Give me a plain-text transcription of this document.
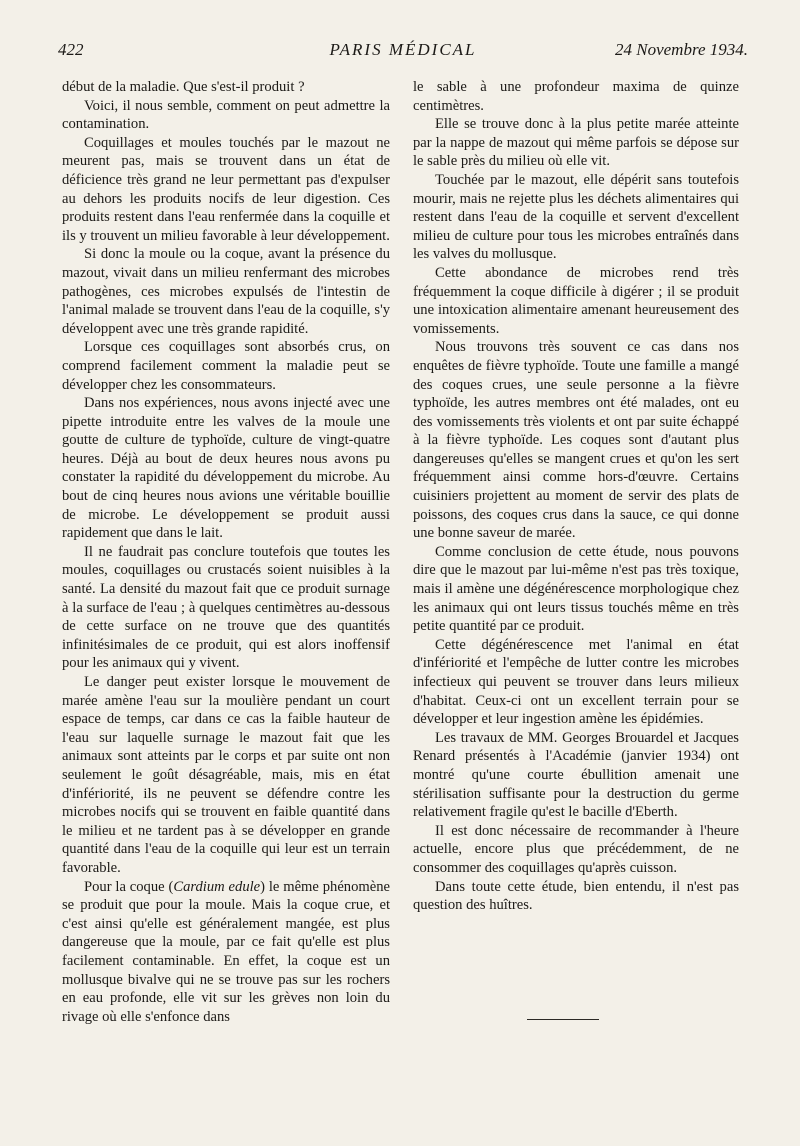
PARIS MÉDICAL
422	24 Novembre 1934.

début de la maladie. Que s'est-il produit ?

Voici, il nous semble, comment on peut admettre la contamination.

Coquillages et moules touchés par le mazout ne meurent pas, mais se trouvent dans un état de déficience très grand ne leur permettant pas d'expulser au dehors les produits nocifs de leur digestion. Ces produits restent dans l'eau renfermée dans la coquille et ils y trouvent un milieu favorable à leur développement.

Si donc la moule ou la coque, avant la présence du mazout, vivait dans un milieu renfermant des microbes pathogènes, ces microbes expulsés de l'intestin de l'animal malade se trouvent dans l'eau de la coquille, s'y développent avec une très grande rapidité.

Lorsque ces coquillages sont absorbés crus, on comprend facilement comment la maladie peut se développer chez les consommateurs.

Dans nos expériences, nous avons injecté avec une pipette introduite entre les valves de la moule une goutte de culture de typhoïde, culture de vingt-quatre heures. Déjà au bout de deux heures nous avons pu constater la rapidité du développement du microbe. Au bout de cinq heures nous avions une véritable bouillie de microbe. Le développement se produit aussi rapidement que dans le lait.

Il ne faudrait pas conclure toutefois que toutes les moules, coquillages ou crustacés soient nuisibles à la santé. La densité du mazout fait que ce produit surnage à la surface de l'eau ; à quelques centimètres au-dessous de cette surface on ne trouve que des quantités infinitésimales de ce produit, qui est alors inoffensif pour les animaux qui y vivent.

Le danger peut exister lorsque le mouvement de marée amène l'eau sur la moulière pendant un court espace de temps, car dans ce cas la faible hauteur de l'eau sur laquelle surnage le mazout fait que les animaux sont atteints par le corps et par suite ont non seulement le goût désagréable, mais, mis en état d'infériorité, ils ne peuvent se défendre contre les microbes nocifs qui se trouvent en faible quantité dans le milieu et ne tardent pas à se développer en grande quantité dans l'eau de la coquille qui leur est un terrain favorable.

Pour la coque (Cardium edule) le même phénomène se produit que pour la moule. Mais la coque crue, et c'est ainsi qu'elle est généralement mangée, est plus dangereuse que la moule, par ce fait qu'elle est plus facilement contaminable. En effet, la coque est un mollusque bivalve qui ne se trouve pas sur les rochers en eau profonde, elle vit sur les grèves non loin du rivage où elle s'enfonce dans

le sable à une profondeur maxima de quinze centimètres.

Elle se trouve donc à la plus petite marée atteinte par la nappe de mazout qui même parfois se dépose sur le sable près du milieu où elle vit.

Touchée par le mazout, elle dépérit sans toutefois mourir, mais ne rejette plus les déchets alimentaires qui restent dans l'eau de la coquille et servent d'excellent milieu de culture pour tous les microbes entraînés dans les valves du mollusque.

Cette abondance de microbes rend très fréquemment la coque difficile à digérer ; il se produit une intoxication alimentaire amenant heureusement des vomissements.

Nous trouvons très souvent ce cas dans nos enquêtes de fièvre typhoïde. Toute une famille a mangé des coques crues, une seule personne a la fièvre typhoïde, les autres membres ont été malades, ont eu des vomissements très violents et ont par suite échappé à la fièvre typhoïde. Les coques sont d'autant plus dangereuses qu'elles se mangent crues et qu'on les sert fréquemment ainsi comme hors-d'œuvre. Certains cuisiniers projettent au moment de servir des plats de poissons, des coques crus dans la sauce, ce qui donne une bonne saveur de marée.

Comme conclusion de cette étude, nous pouvons dire que le mazout par lui-même n'est pas très toxique, mais il amène une dégénérescence morphologique chez les animaux qui ont leurs tissus touchés même en très petite quantité par ce produit.

Cette dégénérescence met l'animal en état d'infériorité et l'empêche de lutter contre les microbes infectieux qui peuvent se trouver dans leurs milieux d'habitat. Ceux-ci ont un excellent terrain pour se développer et leur ingestion amène les épidémies.

Les travaux de MM. Georges Brouardel et Jacques Renard présentés à l'Académie (janvier 1934) ont montré qu'une courte ébullition amenait une stérilisation suffisante pour la destruction du germe relativement fragile qu'est le bacille d'Eberth.

Il est donc nécessaire de recommander à l'heure actuelle, encore plus que précédemment, de ne consommer des coquillages qu'après cuisson.

Dans toute cette étude, bien entendu, il n'est pas question des huîtres.
